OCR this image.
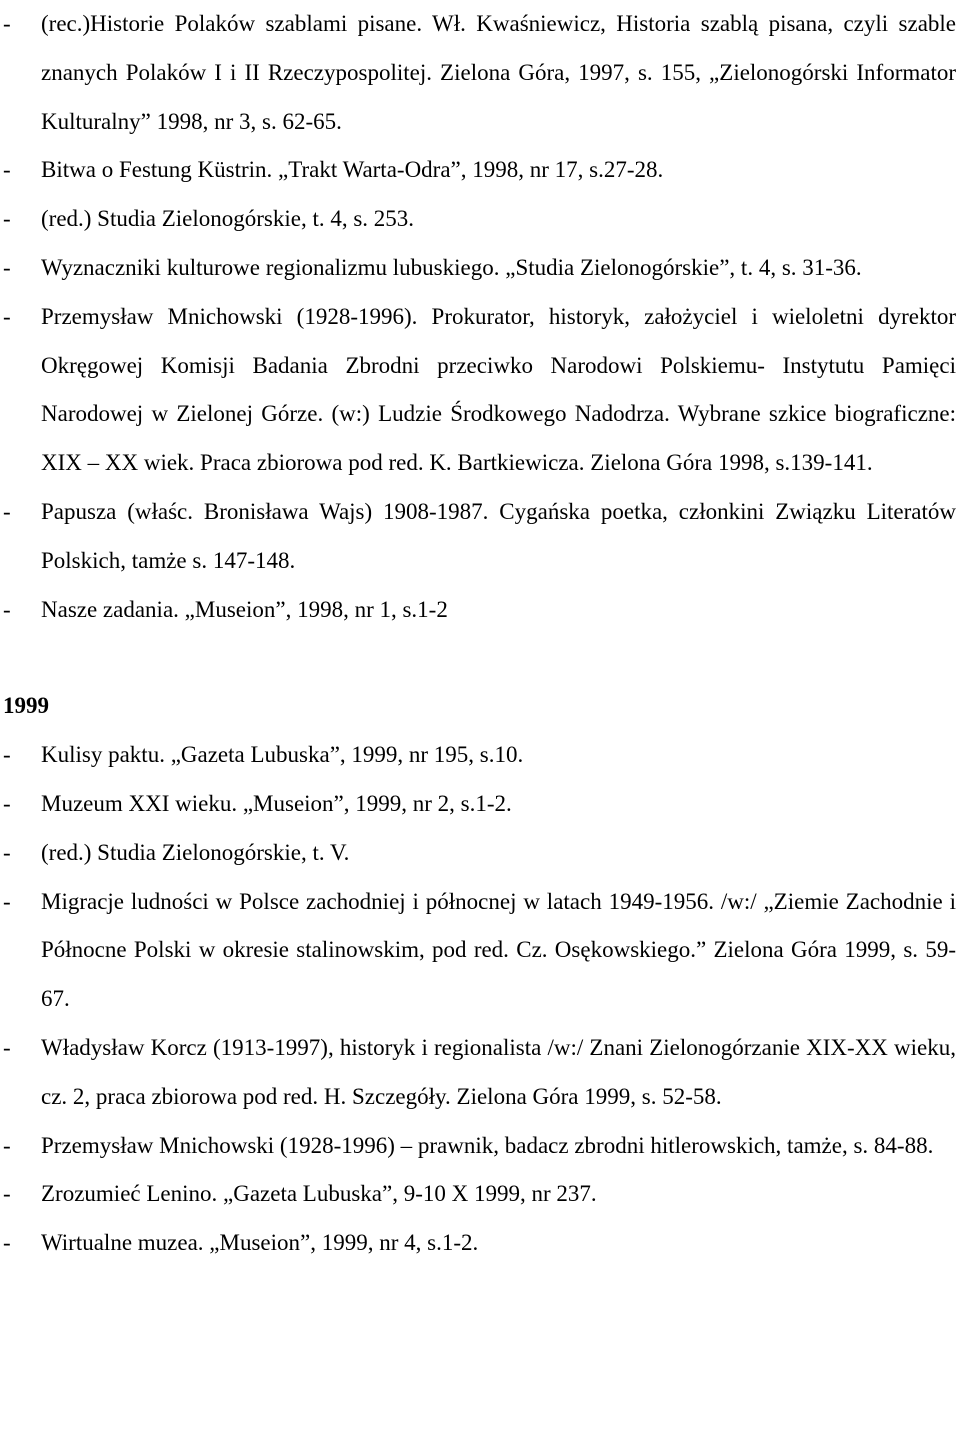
-	(rec.)Historie Polaków szablami pisane. Wł. Kwaśniewicz, Historia szablą pisana, czyli szable znanych Polaków I i II Rzeczypospolitej. Zielona Góra, 1997, s. 155, „Zielonogórski Informator Kulturalny” 1998, nr 3, s. 62-65.
-	Bitwa o Festung Küstrin. „Trakt Warta-Odra”, 1998, nr 17, s.27-28.
-	(red.) Studia Zielonogórskie, t. 4, s. 253.
-	Wyznaczniki kulturowe regionalizmu lubuskiego. „Studia Zielonogórskie”, t. 4, s. 31-36.
-	Przemysław Mnichowski (1928-1996). Prokurator, historyk, założyciel i wieloletni dyrektor Okręgowej Komisji Badania Zbrodni przeciwko Narodowi Polskiemu- Instytutu Pamięci Narodowej w Zielonej Górze. (w:) Ludzie Środkowego Nadodrza. Wybrane szkice biograficzne: XIX – XX wiek. Praca zbiorowa pod red. K. Bartkiewicza. Zielona Góra 1998, s.139-141.
-	Papusza (właśc. Bronisława Wajs) 1908-1987. Cygańska poetka, członkini Związku Literatów Polskich, tamże s. 147-148.
-	Nasze zadania. „Museion”, 1998, nr 1, s.1-2
1999
-	Kulisy paktu. „Gazeta Lubuska”, 1999, nr 195, s.10.
-	Muzeum XXI wieku. „Museion”, 1999, nr 2, s.1-2.
-	(red.) Studia Zielonogórskie, t. V.
-	Migracje ludności w Polsce zachodniej i północnej w latach 1949-1956. /w:/ „Ziemie Zachodnie i Północne Polski w okresie stalinowskim, pod red. Cz. Osękowskiego.” Zielona Góra 1999, s. 59-67.
-	Władysław Korcz (1913-1997), historyk i regionalista /w:/ Znani Zielonogórzanie XIX-XX wieku, cz. 2, praca zbiorowa pod red. H. Szczegóły. Zielona Góra 1999, s. 52-58.
-	Przemysław Mnichowski (1928-1996) – prawnik, badacz zbrodni hitlerowskich, tamże, s. 84-88.
-	Zrozumieć Lenino. „Gazeta Lubuska”, 9-10 X 1999, nr 237.
-	Wirtualne muzea. „Museion”, 1999, nr 4, s.1-2.
